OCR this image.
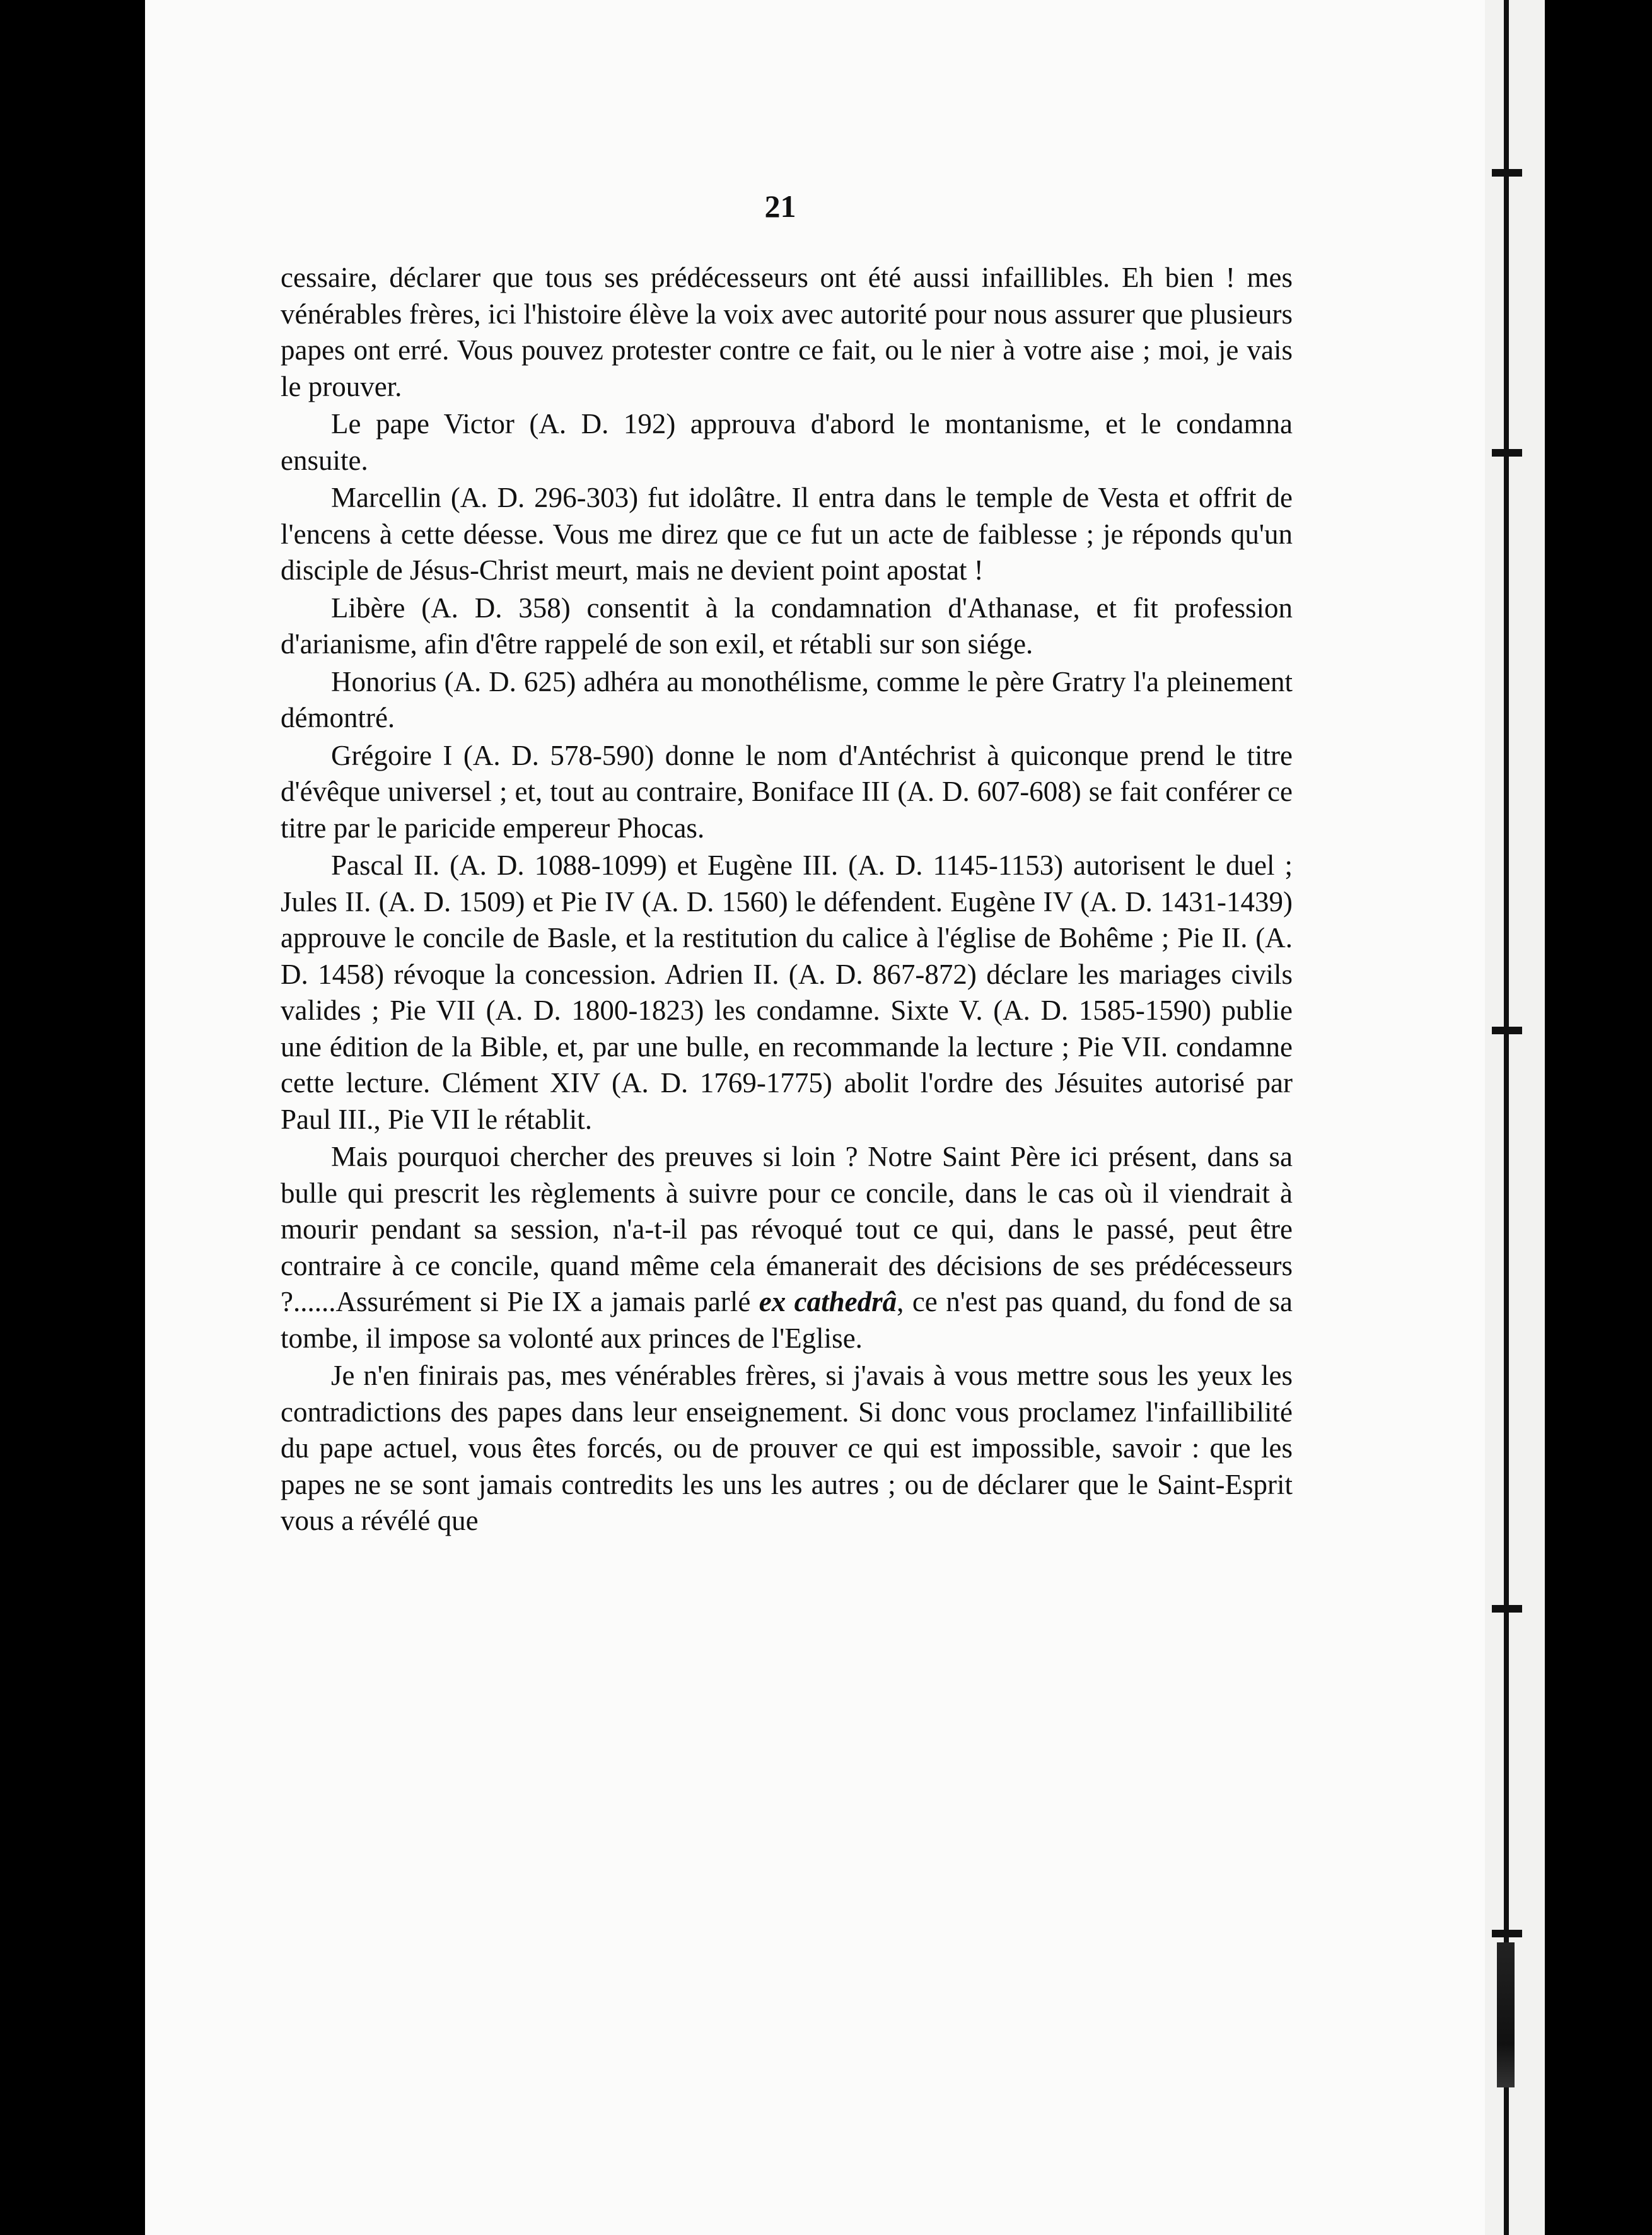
21

cessaire, déclarer que tous ses prédécesseurs ont été aussi infaillibles. Eh bien ! mes vénérables frères, ici l'histoire élève la voix avec autorité pour nous assurer que plusieurs papes ont erré. Vous pouvez protester contre ce fait, ou le nier à votre aise ; moi, je vais le prouver.

Le pape Victor (A. D. 192) approuva d'abord le montanisme, et le condamna ensuite.

Marcellin (A. D. 296-303) fut idolâtre. Il entra dans le temple de Vesta et offrit de l'encens à cette déesse. Vous me direz que ce fut un acte de faiblesse ; je réponds qu'un disciple de Jésus-Christ meurt, mais ne devient point apostat !

Libère (A. D. 358) consentit à la condamnation d'Athanase, et fit profession d'arianisme, afin d'être rappelé de son exil, et rétabli sur son siége.

Honorius (A. D. 625) adhéra au monothélisme, comme le père Gratry l'a pleinement démontré.

Grégoire I (A. D. 578-590) donne le nom d'Antéchrist à quiconque prend le titre d'évêque universel ; et, tout au contraire, Boniface III (A. D. 607-608) se fait conférer ce titre par le paricide empereur Phocas.

Pascal II. (A. D. 1088-1099) et Eugène III. (A. D. 1145-1153) autorisent le duel ; Jules II. (A. D. 1509) et Pie IV (A. D. 1560) le défendent. Eugène IV (A. D. 1431-1439) approuve le concile de Basle, et la restitution du calice à l'église de Bohême ; Pie II. (A. D. 1458) révoque la concession. Adrien II. (A. D. 867-872) déclare les mariages civils valides ; Pie VII (A. D. 1800-1823) les condamne. Sixte V. (A. D. 1585-1590) publie une édition de la Bible, et, par une bulle, en recommande la lecture ; Pie VII. condamne cette lecture. Clément XIV (A. D. 1769-1775) abolit l'ordre des Jésuites autorisé par Paul III., Pie VII le rétablit.

Mais pourquoi chercher des preuves si loin ? Notre Saint Père ici présent, dans sa bulle qui prescrit les règlements à suivre pour ce concile, dans le cas où il viendrait à mourir pendant sa session, n'a-t-il pas révoqué tout ce qui, dans le passé, peut être contraire à ce concile, quand même cela émanerait des décisions de ses prédécesseurs ?......Assurément si Pie IX a jamais parlé ex cathedrâ, ce n'est pas quand, du fond de sa tombe, il impose sa volonté aux princes de l'Eglise.

Je n'en finirais pas, mes vénérables frères, si j'avais à vous mettre sous les yeux les contradictions des papes dans leur enseignement. Si donc vous proclamez l'infaillibilité du pape actuel, vous êtes forcés, ou de prouver ce qui est impossible, savoir : que les papes ne se sont jamais contredits les uns les autres ; ou de déclarer que le Saint-Esprit vous a révélé que
